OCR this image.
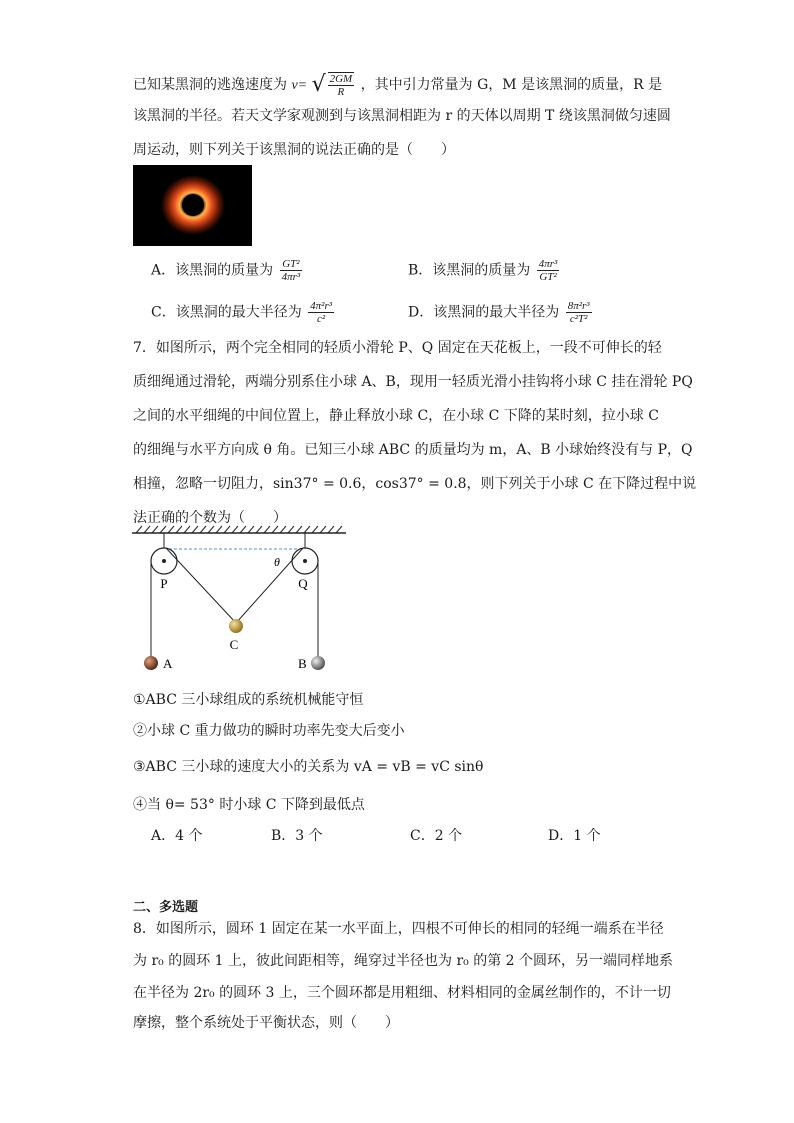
已知某黑洞的逃逸速度为 v= √ $\frac{2GM}{R}$ ，其中引力常量为 G，M 是该黑洞的质量，R 是
该黑洞的半径。若天文学家观测到与该黑洞相距为 r 的天体以周期 T 绕该黑洞做匀速圆
周运动，则下列关于该黑洞的说法正确的是（　　）
A．该黑洞的质量为 $\frac{\text{GT²}}{\text{4πr³}}$	B．该黑洞的质量为 $\frac{\text{4πr³}}{\text{GT²}}$
C．该黑洞的最大半径为 $\frac{\text{4π²r³}}{\text{c²}}$	D．该黑洞的最大半径为 $\frac{\text{8π²r³}}{\text{c²T²}}$
7．如图所示，两个完全相同的轻质小滑轮 P、Q 固定在天花板上，一段不可伸长的轻
质细绳通过滑轮，两端分别系住小球 A、B，现用一轻质光滑小挂钩将小球 C 挂在滑轮 PQ
之间的水平细绳的中间位置上，静止释放小球 C，在小球 C 下降的某时刻，拉小球 C
的细绳与水平方向成 θ 角。已知三小球 ABC 的质量均为 m，A、B 小球始终没有与 P，Q
相撞，忽略一切阻力，sin37° = 0.6，cos37° = 0.8，则下列关于小球 C 在下降过程中说
法正确的个数为（　　）
P	Q
C
A	B
θ
①ABC 三小球组成的系统机械能守恒
②小球 C 重力做功的瞬时功率先变大后变小
③ABC 三小球的速度大小的关系为 vA = vB = vC sinθ
④当 θ= 53° 时小球 C 下降到最低点
A．4 个	B．3 个	C．2 个	D．1 个
二、多选题
8．如图所示，圆环 1 固定在某一水平面上，四根不可伸长的相同的轻绳一端系在半径
为 r₀ 的圆环 1 上，彼此间距相等，绳穿过半径也为 r₀ 的第 2 个圆环，另一端同样地系
在半径为 2r₀ 的圆环 3 上，三个圆环都是用粗细、材料相同的金属丝制作的，不计一切
摩擦，整个系统处于平衡状态，则（　　）
